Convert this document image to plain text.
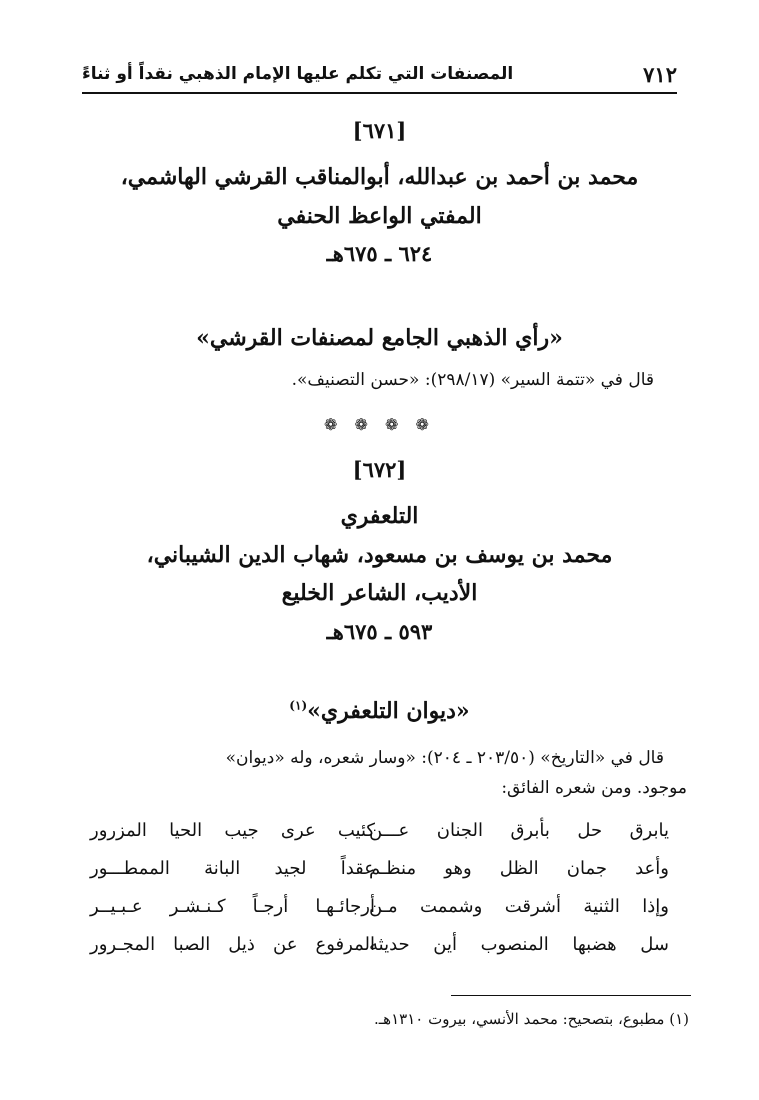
٧١٢
المصنفات التي تكلم عليها الإمام الذهبي نقداً أو ثناءً
[٦٧١]
محمد بن أحمد بن عبدالله، أبوالمناقب القرشي الهاشمي،
المفتي الواعظ الحنفي
٦٢٤ ـ ٦٧٥هـ
«رأي الذهبي الجامع لمصنفات القرشي»
قال في «تتمة السير» (٢٩٨/١٧): «حسن التصنيف».
❁ ❁ ❁ ❁
[٦٧٢]
التلعفري
محمد بن يوسف بن مسعود، شهاب الدين الشيباني،
الأديب، الشاعر الخليع
٥٩٣ ـ ٦٧٥هـ
«ديوان التلعفري»$^{(١)}$
قال في «التاريخ» (٢٠٣/٥٠ ـ ٢٠٤): «وسار شعره، وله «ديوان»
موجود. ومن شعره الفائق:
يابرق حل بأبرق الجنان عـــن
كئيب عرى جيب الحيا المزرور
وأعد جمان الظل وهو منظـم
عقداً لجيد البانة الممطـــور
وإذا الثنية أشرقت وشممت مـن
أرجائـهـا أرجـاً كـنـشـر عـبـيــر
سل هضبها المنصوب أين حديثه
المرفوع عن ذيل الصبا المجـرور
(١) مطبوع، بتصحيح: محمد الأنسي، بيروت ١٣١٠هـ.
